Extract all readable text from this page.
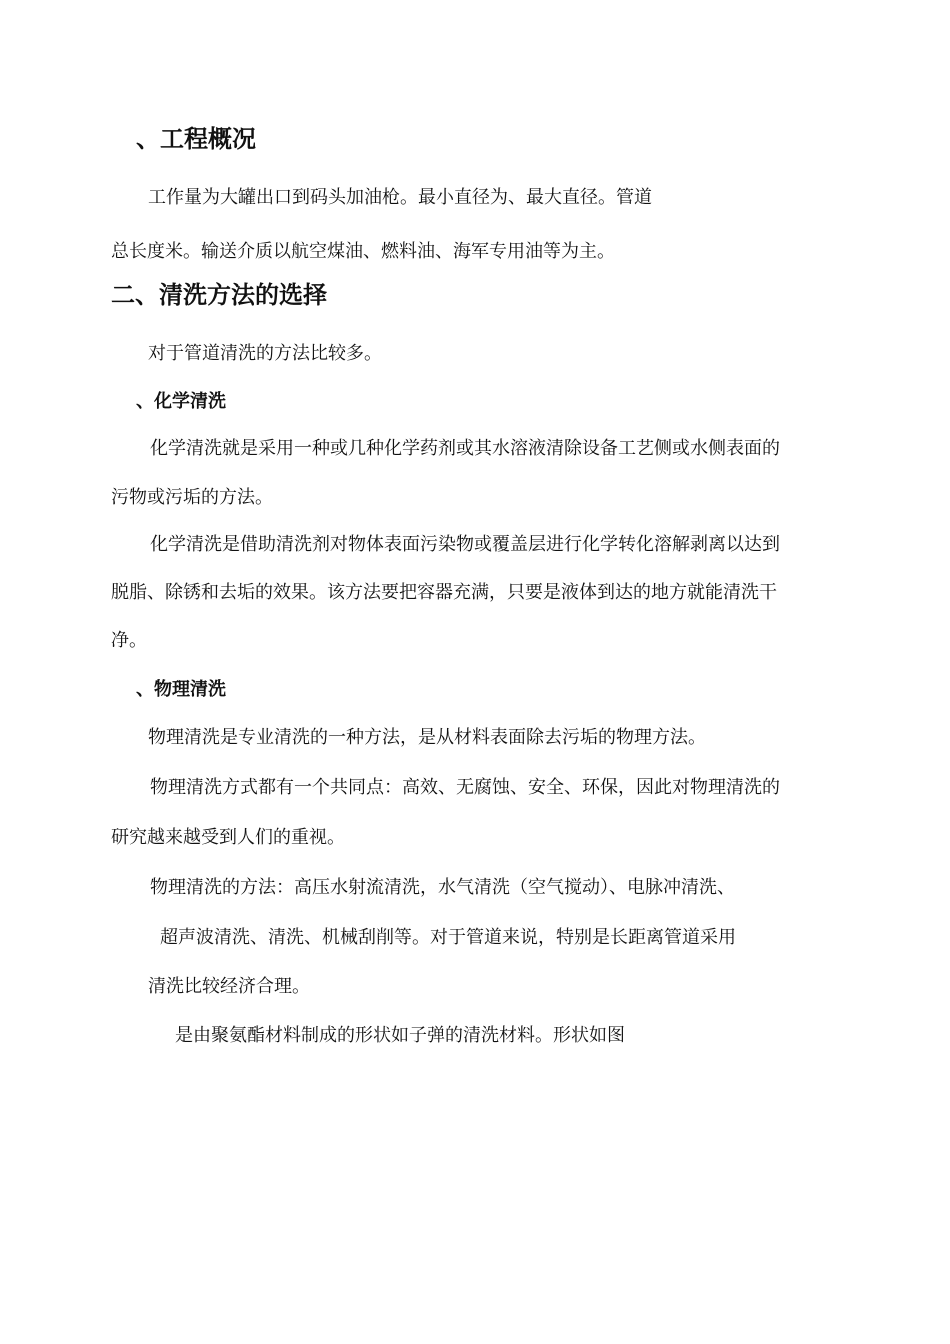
、工程概况

工作量为大罐出口到码头加油枪。最小直径为、最大直径。管道

总长度米。输送介质以航空煤油、燃料油、海军专用油等为主。

二、清洗方法的选择

对于管道清洗的方法比较多。

、化学清洗

化学清洗就是采用一种或几种化学药剂或其水溶液清除设备工艺侧或水侧表面的

污物或污垢的方法。

化学清洗是借助清洗剂对物体表面污染物或覆盖层进行化学转化溶解剥离以达到

脱脂、除锈和去垢的效果。该方法要把容器充满，只要是液体到达的地方就能清洗干

净。

、物理清洗

物理清洗是专业清洗的一种方法，是从材料表面除去污垢的物理方法。

物理清洗方式都有一个共同点：高效、无腐蚀、安全、环保，因此对物理清洗的

研究越来越受到人们的重视。

物理清洗的方法：高压水射流清洗，水气清洗（空气搅动）、电脉冲清洗、

超声波清洗、清洗、机械刮削等。对于管道来说，特别是长距离管道采用

清洗比较经济合理。

是由聚氨酯材料制成的形状如子弹的清洗材料。形状如图
